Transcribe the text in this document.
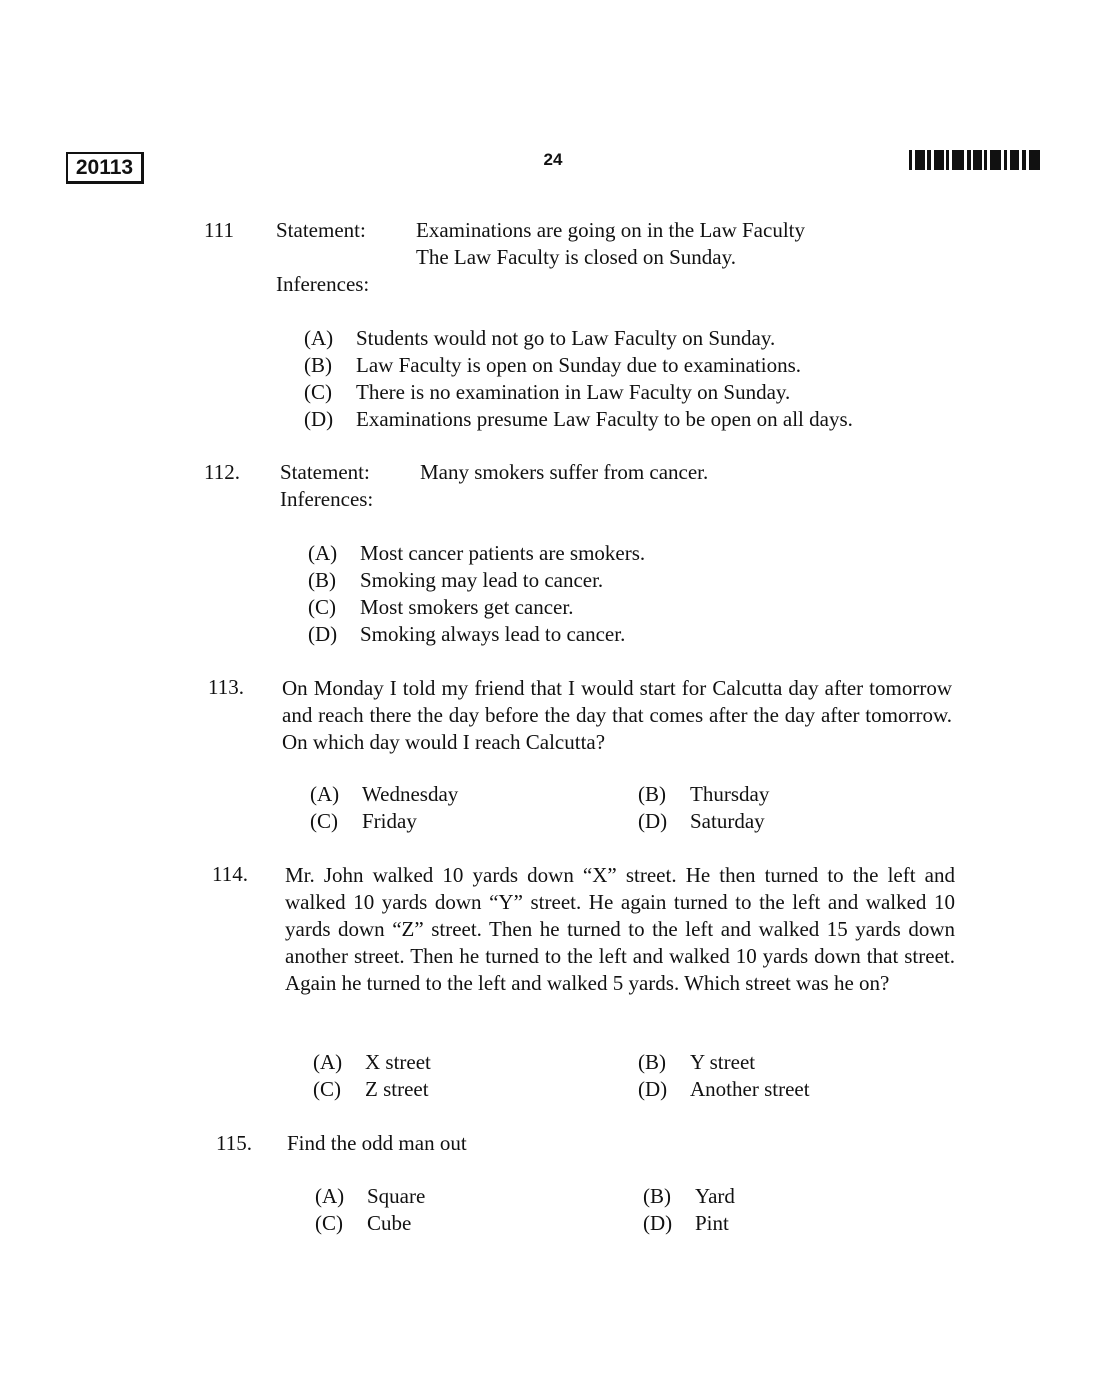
20113	24
111 Statement: Examinations are going on in the Law Faculty
The Law Faculty is closed on Sunday.
Inferences:
(A) Students would not go to Law Faculty on Sunday.
(B) Law Faculty is open on Sunday due to examinations.
(C) There is no examination in Law Faculty on Sunday.
(D) Examinations presume Law Faculty to be open on all days.
112. Statement: Many smokers suffer from cancer.
Inferences:
(A) Most cancer patients are smokers.
(B) Smoking may lead to cancer.
(C) Most smokers get cancer.
(D) Smoking always lead to cancer.
113. On Monday I told my friend that I would start for Calcutta day after tomorrow and reach there the day before the day that comes after the day after tomorrow. On which day would I reach Calcutta?
(A) Wednesday	(B) Thursday
(C) Friday	(D) Saturday
114. Mr. John walked 10 yards down “X” street. He then turned to the left and walked 10 yards down “Y” street. He again turned to the left and walked 10 yards down “Z” street. Then he turned to the left and walked 15 yards down another street. Then he turned to the left and walked 10 yards down that street. Again he turned to the left and walked 5 yards. Which street was he on?
(A) X street	(B) Y street
(C) Z street	(D) Another street
115. Find the odd man out
(A) Square	(B) Yard
(C) Cube	(D) Pint
